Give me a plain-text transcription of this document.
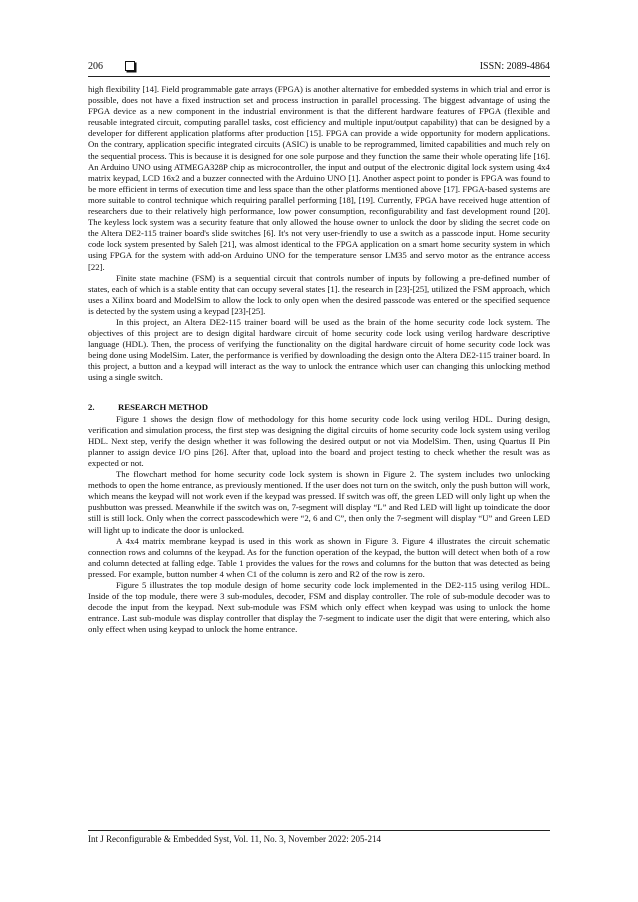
206	ISSN: 2089-4864

high flexibility [14]. Field programmable gate arrays (FPGA) is another alternative for embedded systems in which trial and error is possible, does not have a fixed instruction set and process instruction in parallel processing. The biggest advantage of using the FPGA device as a new component in the industrial environment is that the different hardware features of FPGA (flexible and reusable integrated circuit, computing parallel tasks, cost efficiency and multiple input/output capability) that can be designed by a developer for different application platforms after production [15]. FPGA can provide a wide opportunity for modern applications. On the contrary, application specific integrated circuits (ASIC) is unable to be reprogrammed, limited capabilities and much rely on the sequential process. This is because it is designed for one sole purpose and they function the same their whole operating life [16]. An Arduino UNO using ATMEGA328P chip as microcontroller, the input and output of the electronic digital lock system using 4x4 matrix keypad, LCD 16x2 and a buzzer connected with the Arduino UNO [1]. Another aspect point to ponder is FPGA was found to be more efficient in terms of execution time and less space than the other platforms mentioned above [17]. FPGA-based systems are more suitable to control technique which requiring parallel performing [18], [19]. Currently, FPGA have received huge attention of researchers due to their relatively high performance, low power consumption, reconfigurability and fast development round [20]. The keyless lock system was a security feature that only allowed the house owner to unlock the door by sliding the secret code on the Altera DE2-115 trainer board's slide switches [6]. It's not very user-friendly to use a switch as a passcode input. Home security code lock system presented by Saleh [21], was almost identical to the FPGA application on a smart home security system in which using FPGA for the system with add-on Arduino UNO for the temperature sensor LM35 and servo motor as the entrance access [22].

Finite state machine (FSM) is a sequential circuit that controls number of inputs by following a pre-defined number of states, each of which is a stable entity that can occupy several states [1]. the research in [23]-[25], utilized the FSM approach, which uses a Xilinx board and ModelSim to allow the lock to only open when the desired passcode was entered or the specified sequence is detected by the system using a keypad [23]-[25].

In this project, an Altera DE2-115 trainer board will be used as the brain of the home security code lock system. The objectives of this project are to design digital hardware circuit of home security code lock using verilog hardware descriptive language (HDL). Then, the process of verifying the functionality on the digital hardware circuit of home security code lock was being done using ModelSim. Later, the performance is verified by downloading the design onto the Altera DE2-115 trainer board. In this project, a button and a keypad will interact as the way to unlock the entrance which user can changing this unlocking method using a single switch.

2.	RESEARCH METHOD

Figure 1 shows the design flow of methodology for this home security code lock using verilog HDL. During design, verification and simulation process, the first step was designing the digital circuits of home security code lock system using verilog HDL. Next step, verify the design whether it was following the desired output or not via ModelSim. Then, using Quartus II Pin planner to assign device I/O pins [26]. After that, upload into the board and project testing to check whether the result was as expected or not.

The flowchart method for home security code lock system is shown in Figure 2. The system includes two unlocking methods to open the home entrance, as previously mentioned. If the user does not turn on the switch, only the push button will work, which means the keypad will not work even if the keypad was pressed. If switch was off, the green LED will only light up when the pushbutton was pressed. Meanwhile if the switch was on, 7-segment will display “L” and Red LED will light up toindicate the door still is still lock. Only when the correct passcodewhich were “2, 6 and C”, then only the 7-segment will display “U” and Green LED will light up to indicate the door is unlocked.

A 4x4 matrix membrane keypad is used in this work as shown in Figure 3. Figure 4 illustrates the circuit schematic connection rows and columns of the keypad. As for the function operation of the keypad, the button will detect when both of a row and column detected at falling edge. Table 1 provides the values for the rows and columns for the button that was detected as being pressed. For example, button number 4 when C1 of the column is zero and R2 of the row is zero.

Figure 5 illustrates the top module design of home security code lock implemented in the DE2-115 using verilog HDL. Inside of the top module, there were 3 sub-modules, decoder, FSM and display controller. The role of sub-module decoder was to decode the input from the keypad. Next sub-module was FSM which only effect when keypad was using to unlock the home entrance. Last sub-module was display controller that display the 7-segment to indicate user the digit that were entering, which also only effect when using keypad to unlock the home entrance.

Int J Reconfigurable & Embedded Syst, Vol. 11, No. 3, November 2022: 205-214
